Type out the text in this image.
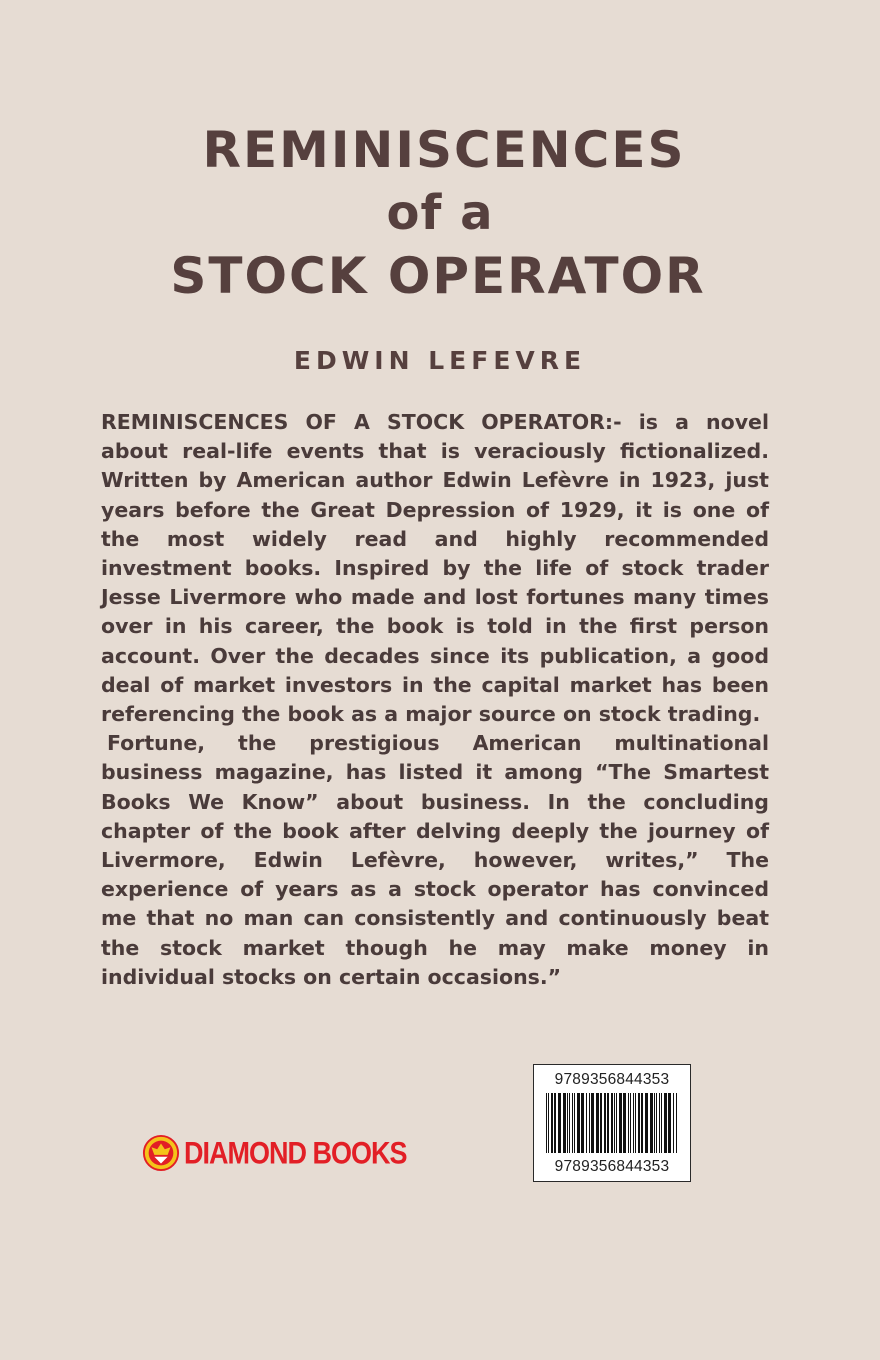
REMINISCENCES
of a
STOCK OPERATOR
EDWIN LEFEVRE

REMINISCENCES OF A STOCK OPERATOR:- is a novel about real-life events that is veraciously fictionalized. Written by American author Edwin Lefèvre in 1923, just years before the Great Depression of 1929, it is one of the most widely read and highly recommended investment books. Inspired by the life of stock trader Jesse Livermore who made and lost fortunes many times over in his career, the book is told in the first person account. Over the decades since its publication, a good deal of market investors in the capital market has been referencing the book as a major source on stock trading.

Fortune, the prestigious American multinational business magazine, has listed it among “The Smartest Books We Know” about business. In the concluding chapter of the book after delving deeply the journey of Livermore, Edwin Lefèvre, however, writes,” The experience of years as a stock operator has convinced me that no man can consistently and continuously beat the stock market though he may make money in individual stocks on certain occasions.”

DIAMOND BOOKS
9789356844353
9789356844353
